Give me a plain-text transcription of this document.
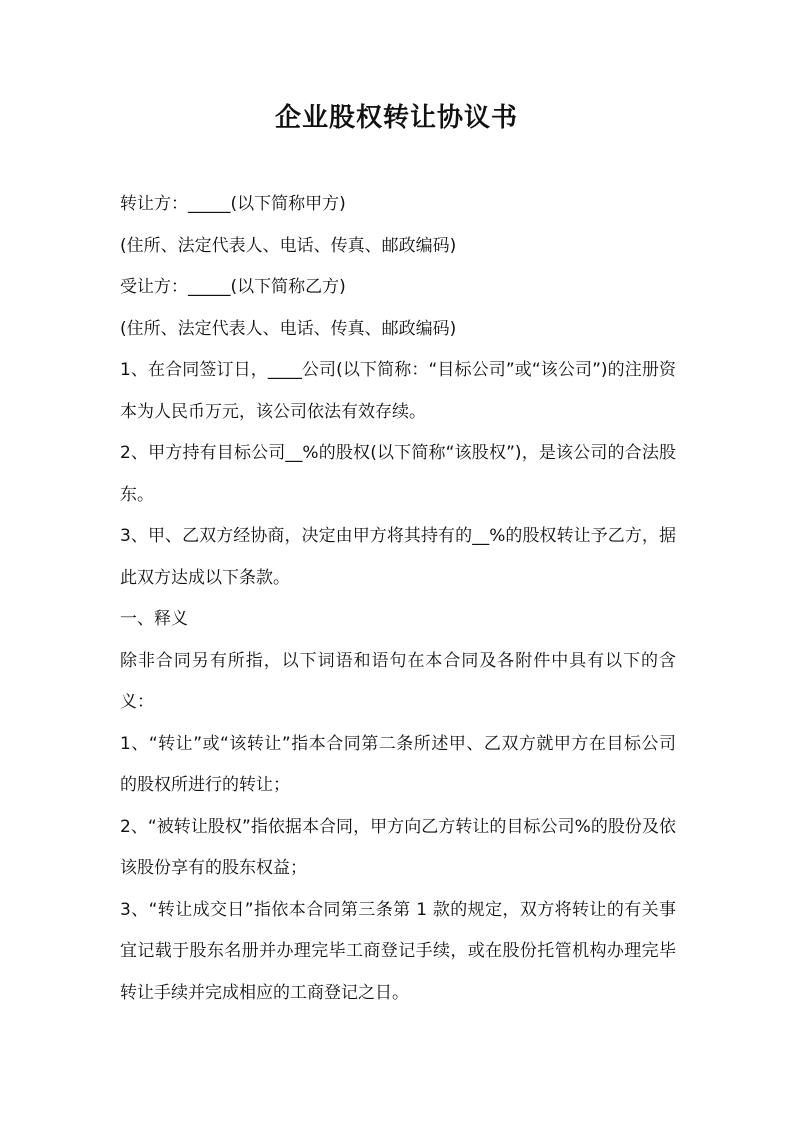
企业股权转让协议书

转让方：_____(以下简称甲方)

(住所、法定代表人、电话、传真、邮政编码)

受让方：_____(以下简称乙方)

(住所、法定代表人、电话、传真、邮政编码)

1、在合同签订日，____公司(以下简称：“目标公司”或“该公司”)的注册资本为人民币万元，该公司依法有效存续。

2、甲方持有目标公司__%的股权(以下简称“该股权”)，是该公司的合法股东。

3、甲、乙双方经协商，决定由甲方将其持有的__%的股权转让予乙方，据此双方达成以下条款。

一、释义

除非合同另有所指，以下词语和语句在本合同及各附件中具有以下的含义：

1、“转让”或“该转让”指本合同第二条所述甲、乙双方就甲方在目标公司的股权所进行的转让；

2、“被转让股权”指依据本合同，甲方向乙方转让的目标公司%的股份及依该股份享有的股东权益；

3、“转让成交日”指依本合同第三条第 1 款的规定，双方将转让的有关事宜记载于股东名册并办理完毕工商登记手续，或在股份托管机构办理完毕转让手续并完成相应的工商登记之日。
